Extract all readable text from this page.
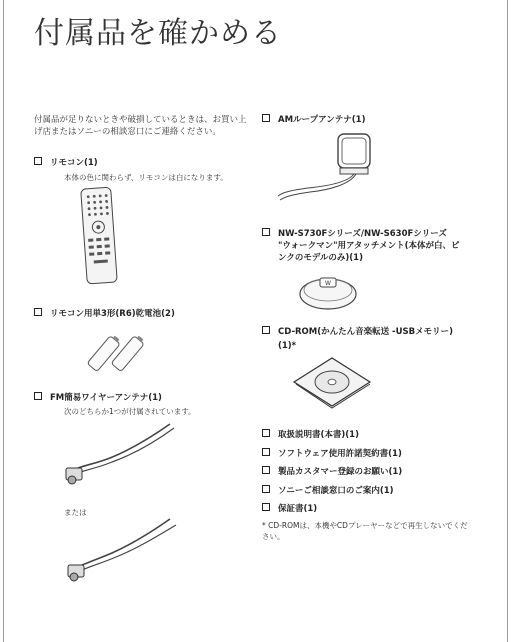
付属品を確かめる
付属品が足りないときや破損しているときは、お買い上げ店またはソニーの相談窓口にご連絡ください。
リモコン(1)
本体の色に関わらず、リモコンは白になります。
リモコン用単3形(R6)乾電池(2)
FM簡易ワイヤーアンテナ(1)
次のどちらか1つが付属されています。
または
AMループアンテナ(1)
NW-S730Fシリーズ/NW-S630Fシリーズ
"ウォークマン"用アタッチメント(本体が白、ピ
ンクのモデルのみ)(1)
W
CD-ROM(かんたん音楽転送 -USBメモリー)
(1)*
取扱説明書(本書)(1)
ソフトウェア使用許諾契約書(1)
製品カスタマー登録のお願い(1)
ソニーご相談窓口のご案内(1)
保証書(1)
* CD-ROMは、本機やCDプレーヤーなどで再生しないでください。
